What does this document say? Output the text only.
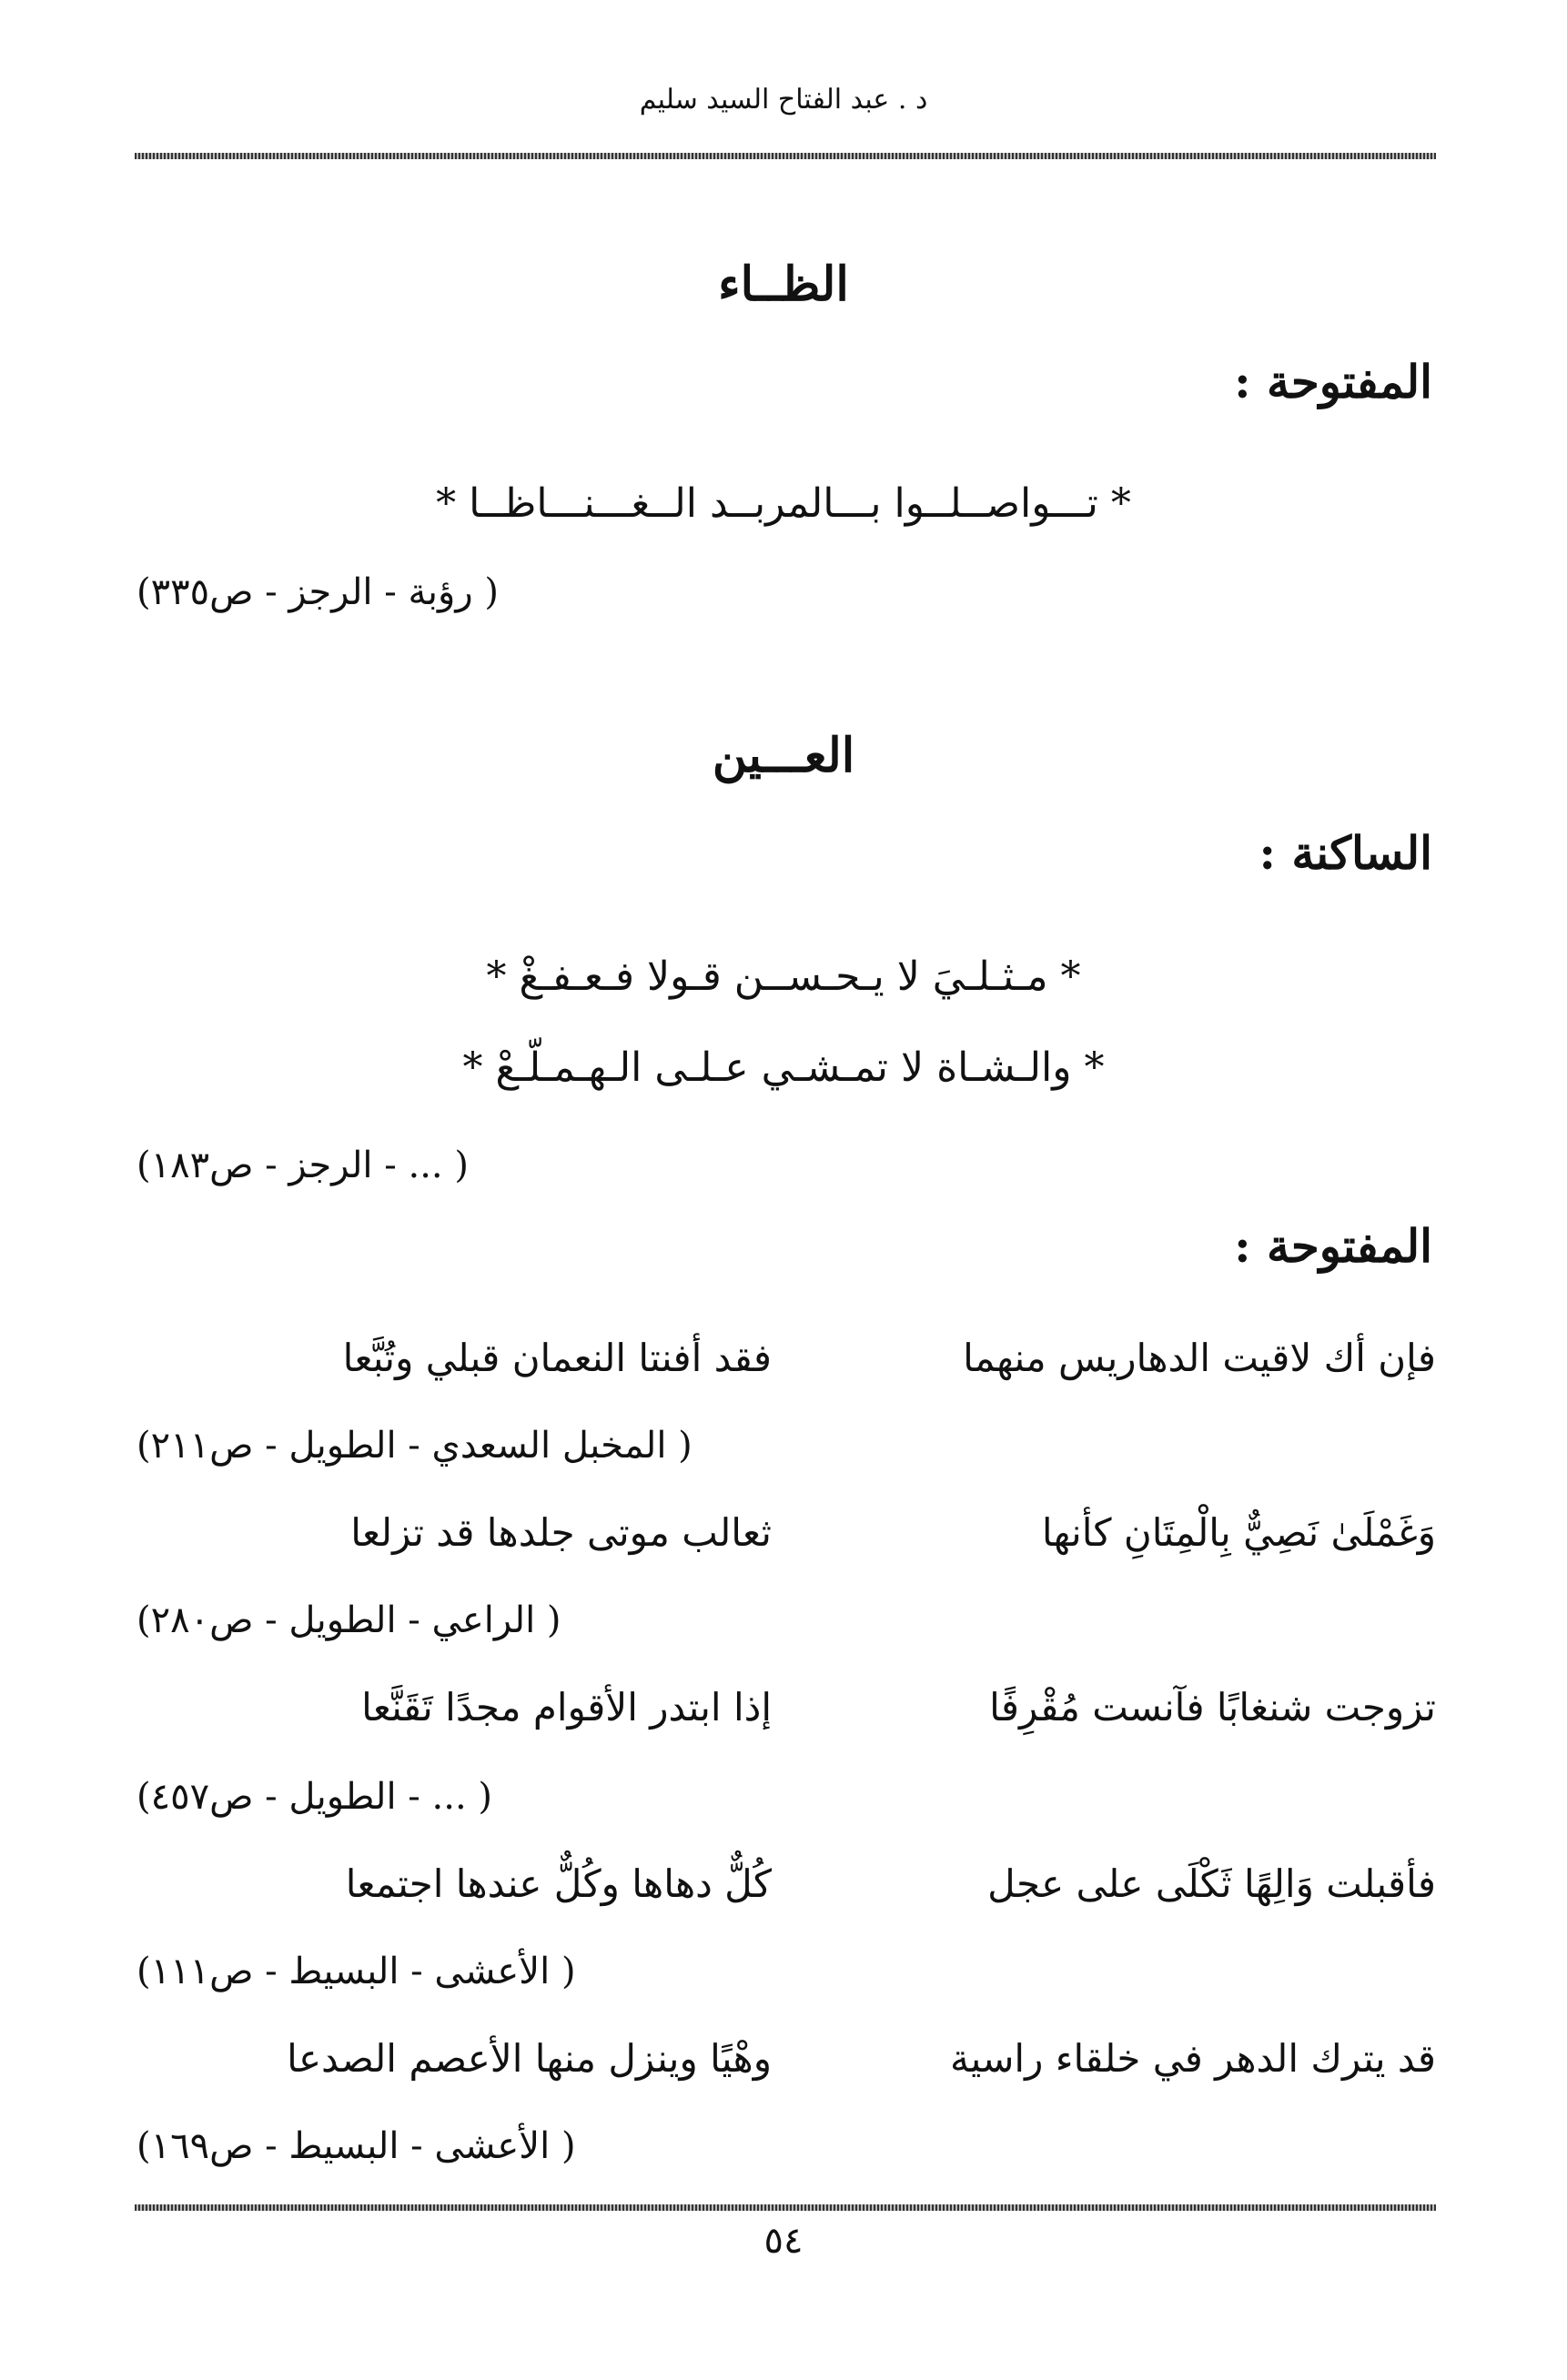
د . عبد الفتاح السيد سليم
الظــاء
المفتوحة :
* تـــواصــلــوا بـــالمربــد الــغـــنـــاظــا *
( رؤبة - الرجز - ص٣٣٥)
العـــين
الساكنة :
* مـثـلـيَ لا يـحـســن قـولا فـعـفـغْ *
* والـشـاة لا تمـشـي عـلـى الـهـمـلّـعْ *
( ... - الرجز - ص١٨٣)
المفتوحة :
فإن أك لاقيت الدهاريس منهما
فقد أفنتا النعمان قبلي وتُبَّعا
( المخبل السعدي - الطويل - ص٢١١)
وَغَمْلَىٰ نَصِيٌّ بِالْمِتَانِ كأنها
ثعالب موتى جلدها قد تزلعا
( الراعي - الطويل - ص٢٨٠)
تزوجت شنغابًا فآنست مُقْرِفًا
إذا ابتدر الأقوام مجدًا تَقَنَّعا
( ... - الطويل - ص٤٥٧)
فأقبلت وَالِهًا ثَكْلَى على عجل
كُلٌّ دهاها وكُلٌّ عندها اجتمعا
( الأعشى - البسيط - ص١١١)
قد يترك الدهر في خلقاء راسية
وهْيًا وينزل منها الأعصم الصدعا
( الأعشى - البسيط - ص١٦٩)
٥٤
